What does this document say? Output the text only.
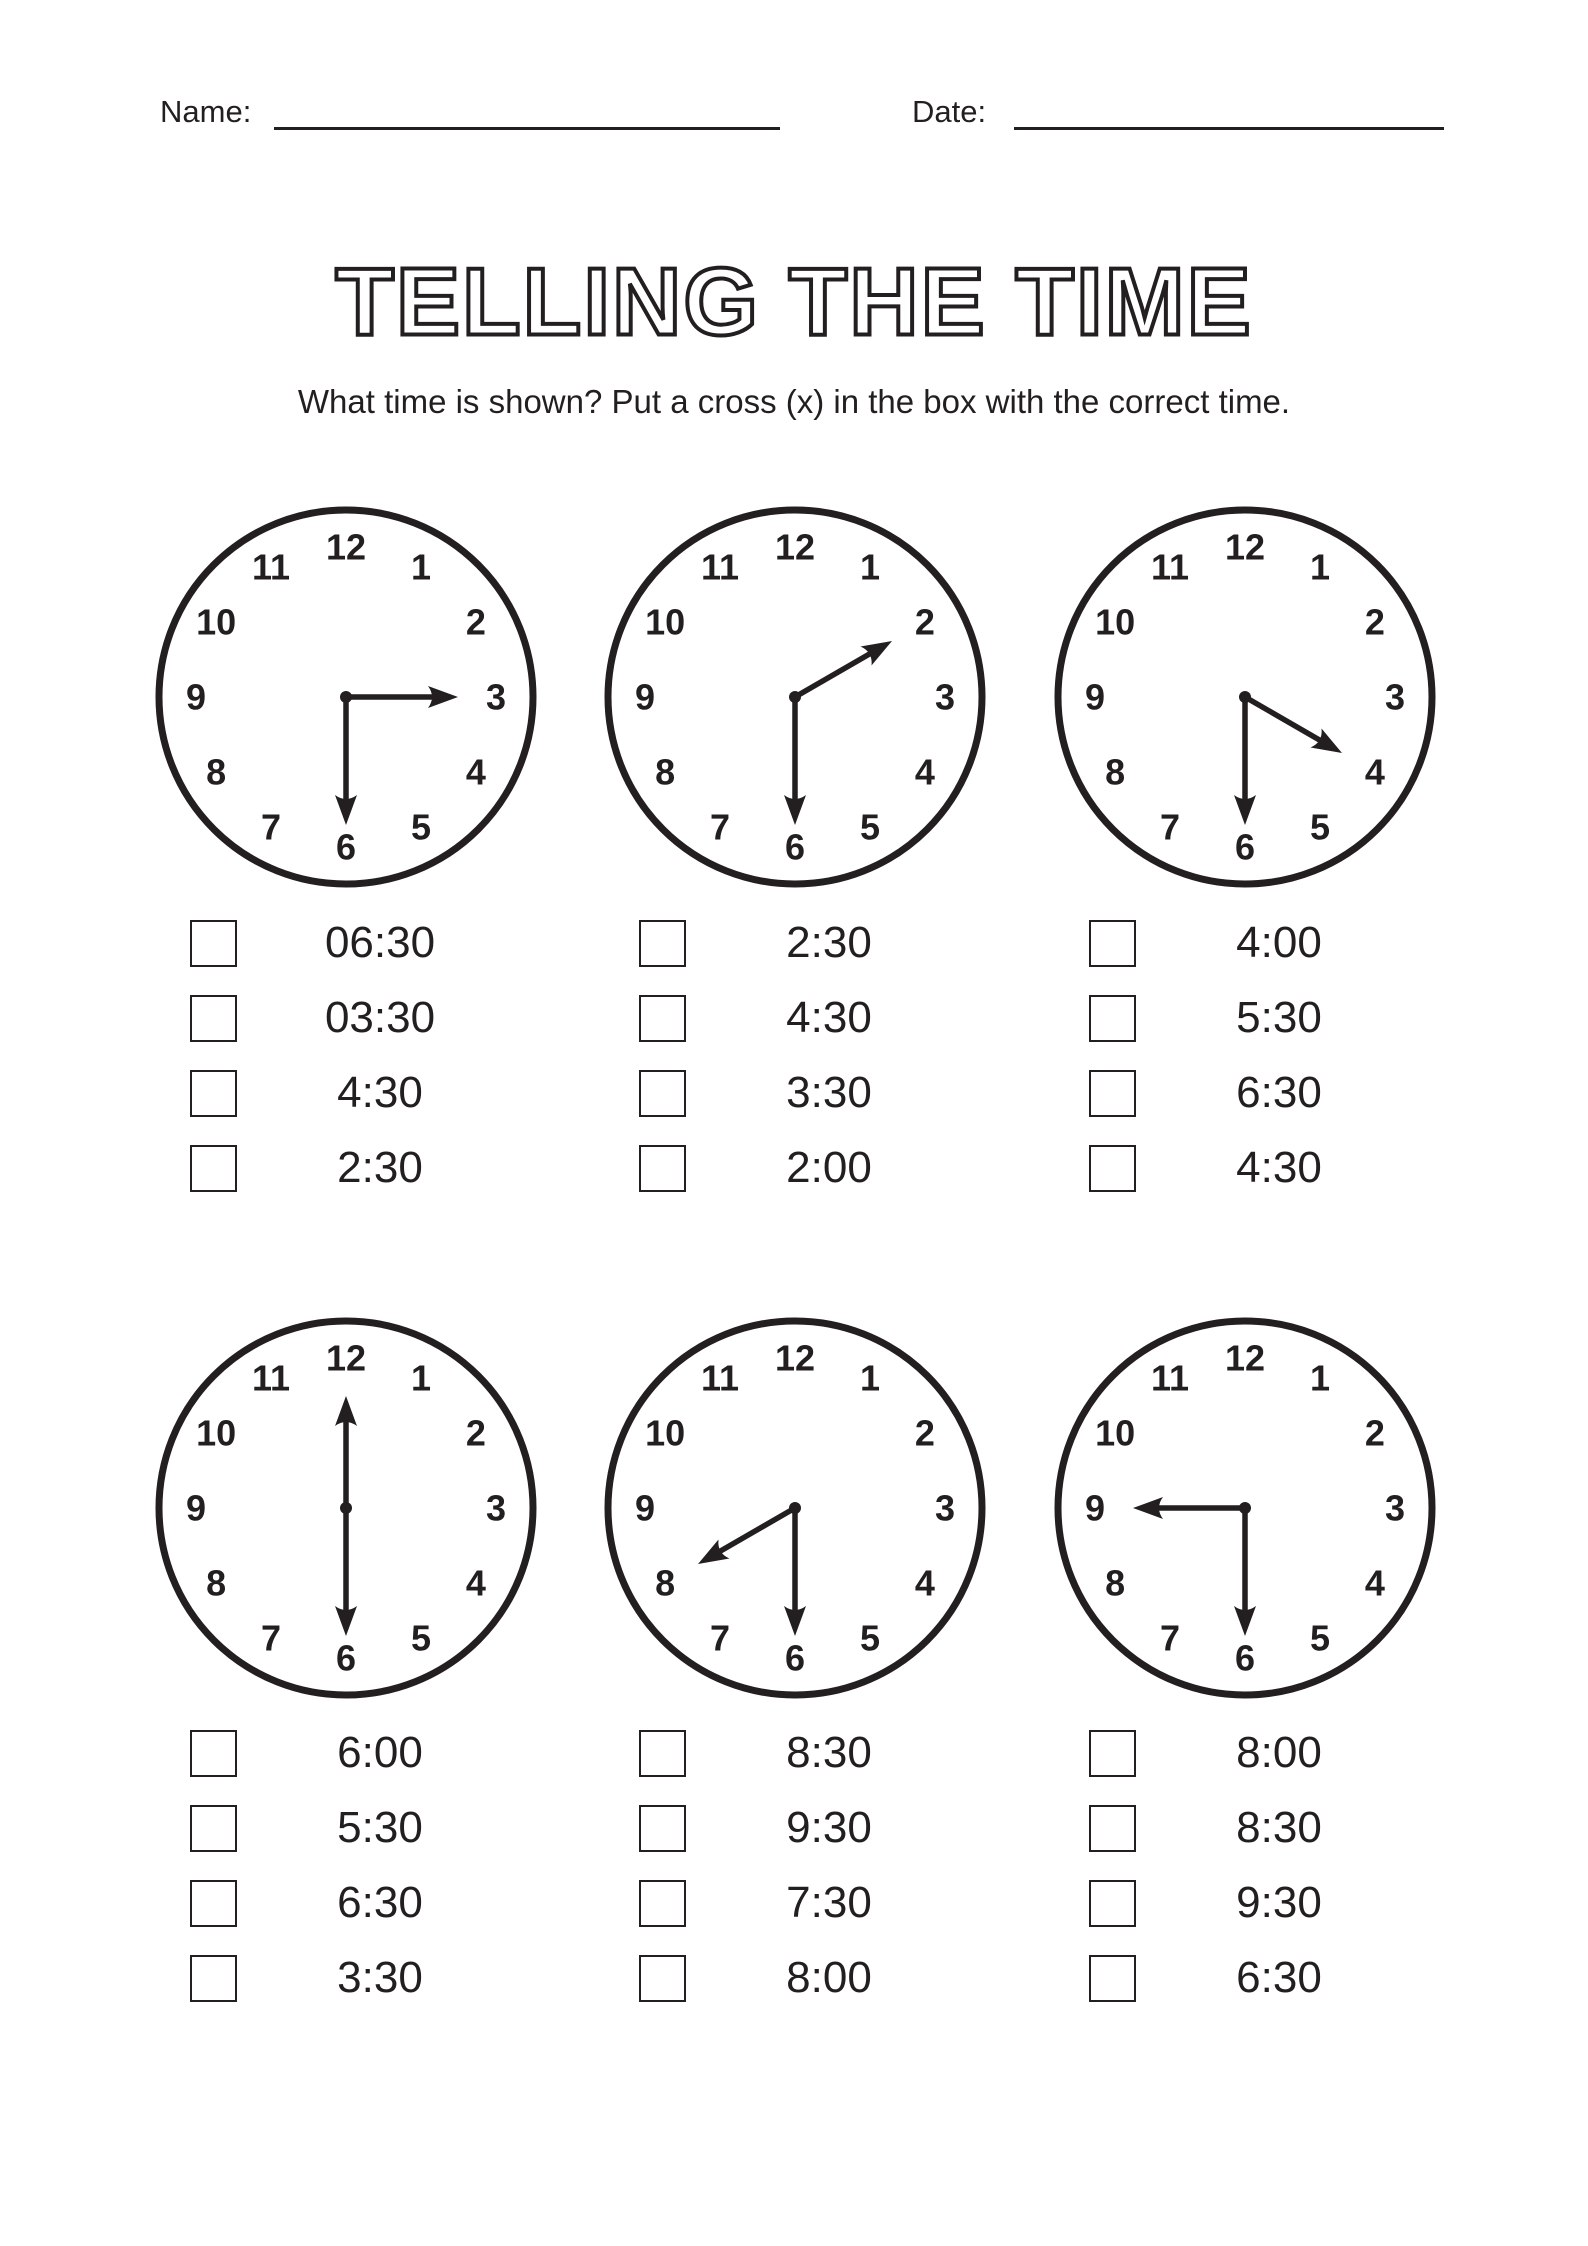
Name:	Date:
TELLING THE TIME
What time is shown? Put a cross (x) in the box with the correct time.
12 1
2
3
4
5
6
7
8
9
10
11
06:30
03:30
4:30
2:30
12 1
2
3
4
5
6
7
8
9
10
11
2:30
4:30
3:30
2:00
12 1
2
3
4
5
6
7
8
9
10
11
4:00
5:30
6:30
4:30
12 1
2
3
4
5
6
7
8
9
10
11
6:00
5:30
6:30
3:30
12 1
2
3
4
5
6
7
8
9
10
11
8:30
9:30
7:30
8:00
12 1
2
3
4
5
6
7
8
9
10
11
8:00
8:30
9:30
6:30
